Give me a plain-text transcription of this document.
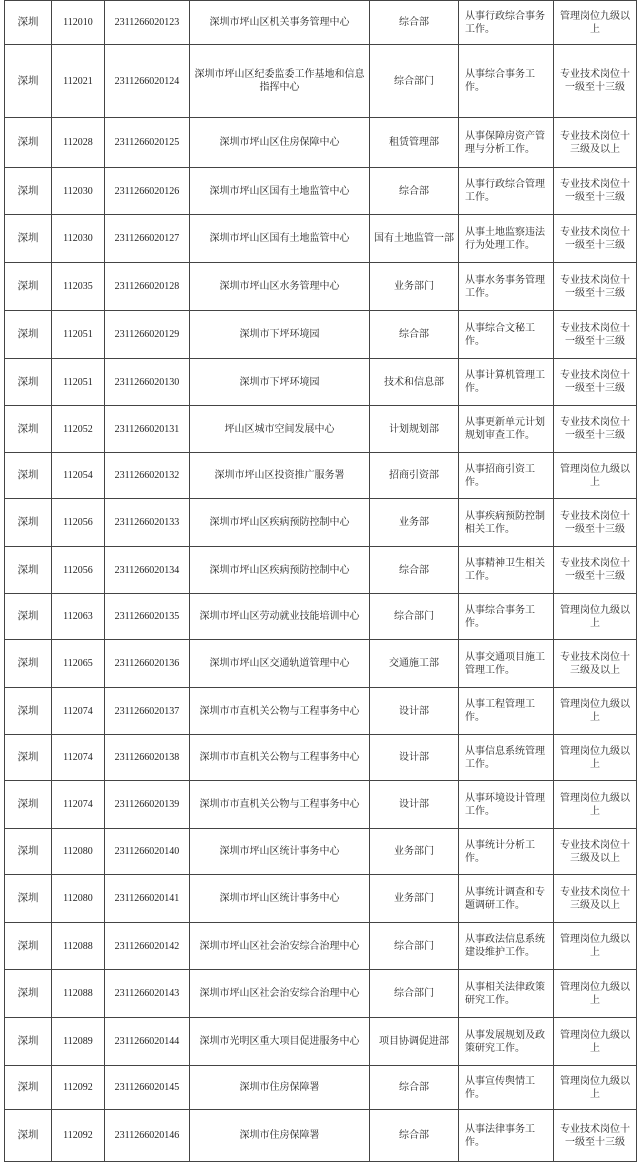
深圳	112010	2311266020123	深圳市坪山区机关事务管理中心	综合部	从事行政综合事务工作。	管理岗位九级以上
深圳	112021	2311266020124	深圳市坪山区纪委监委工作基地和信息指挥中心	综合部门	从事综合事务工作。	专业技术岗位十一级至十三级
深圳	112028	2311266020125	深圳市坪山区住房保障中心	租赁管理部	从事保障房资产管理与分析工作。	专业技术岗位十三级及以上
深圳	112030	2311266020126	深圳市坪山区国有土地监管中心	综合部	从事行政综合管理工作。	专业技术岗位十一级至十三级
深圳	112030	2311266020127	深圳市坪山区国有土地监管中心	国有土地监管一部	从事土地监察违法行为处理工作。	专业技术岗位十一级至十三级
深圳	112035	2311266020128	深圳市坪山区水务管理中心	业务部门	从事水务事务管理工作。	专业技术岗位十一级至十三级
深圳	112051	2311266020129	深圳市下坪环境园	综合部	从事综合文秘工作。	专业技术岗位十一级至十三级
深圳	112051	2311266020130	深圳市下坪环境园	技术和信息部	从事计算机管理工作。	专业技术岗位十一级至十三级
深圳	112052	2311266020131	坪山区城市空间发展中心	计划规划部	从事更新单元计划规划审查工作。	专业技术岗位十一级至十三级
深圳	112054	2311266020132	深圳市坪山区投资推广服务署	招商引资部	从事招商引资工作。	管理岗位九级以上
深圳	112056	2311266020133	深圳市坪山区疾病预防控制中心	业务部	从事疾病预防控制相关工作。	专业技术岗位十一级至十三级
深圳	112056	2311266020134	深圳市坪山区疾病预防控制中心	综合部	从事精神卫生相关工作。	专业技术岗位十一级至十三级
深圳	112063	2311266020135	深圳市坪山区劳动就业技能培训中心	综合部门	从事综合事务工作。	管理岗位九级以上
深圳	112065	2311266020136	深圳市坪山区交通轨道管理中心	交通施工部	从事交通项目施工管理工作。	专业技术岗位十三级及以上
深圳	112074	2311266020137	深圳市市直机关公物与工程事务中心	设计部	从事工程管理工作。	管理岗位九级以上
深圳	112074	2311266020138	深圳市市直机关公物与工程事务中心	设计部	从事信息系统管理工作。	管理岗位九级以上
深圳	112074	2311266020139	深圳市市直机关公物与工程事务中心	设计部	从事环境设计管理工作。	管理岗位九级以上
深圳	112080	2311266020140	深圳市坪山区统计事务中心	业务部门	从事统计分析工作。	专业技术岗位十三级及以上
深圳	112080	2311266020141	深圳市坪山区统计事务中心	业务部门	从事统计调查和专题调研工作。	专业技术岗位十三级及以上
深圳	112088	2311266020142	深圳市坪山区社会治安综合治理中心	综合部门	从事政法信息系统建设维护工作。	管理岗位九级以上
深圳	112088	2311266020143	深圳市坪山区社会治安综合治理中心	综合部门	从事相关法律政策研究工作。	管理岗位九级以上
深圳	112089	2311266020144	深圳市光明区重大项目促进服务中心	项目协调促进部	从事发展规划及政策研究工作。	管理岗位九级以上
深圳	112092	2311266020145	深圳市住房保障署	综合部	从事宣传舆情工作。	管理岗位九级以上
深圳	112092	2311266020146	深圳市住房保障署	综合部	从事法律事务工作。	专业技术岗位十一级至十三级
